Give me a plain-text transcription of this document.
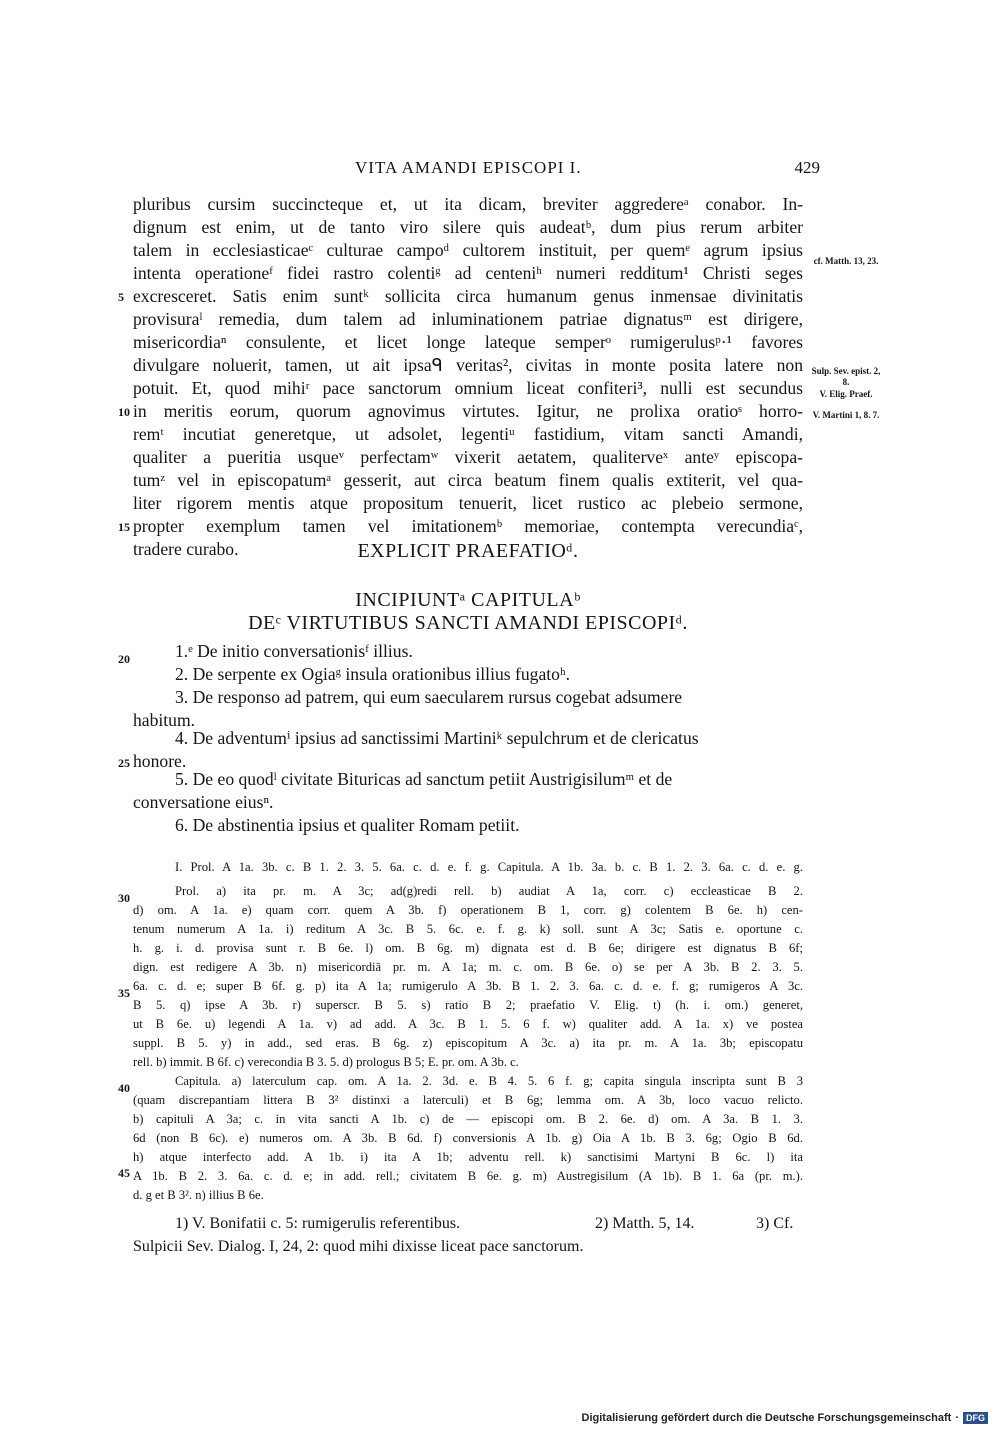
VITA AMANDI EPISCOPI I.	429
pluribus cursim succincteque et, ut ita dicam, breviter aggredereᵃ conabor. In-
dignum est enim, ut de tanto viro silere quis audeatᵇ, dum pius rerum arbiter
talem in ecclesiasticaeᶜ culturae campoᵈ cultorem instituit, per quemᵉ agrum ipsius
intenta operationeᶠ fidei rastro colentiᵍ ad centeniʰ numeri redditum¹ Christi seges
excresceret. Satis enim suntᵏ sollicita circa humanum genus inmensae divinitatis
provisuraˡ remedia, dum talem ad inluminationem patriae dignatusᵐ est dirigere,
misericordiaⁿ consulente, et licet longe lateque semperᵒ rumigerulusᵖ·¹ favores
divulgare noluerit, tamen, ut ait ipsaᑫ veritas², civitas in monte posita latere non
potuit. Et, quod mihiʳ pace sanctorum omnium liceat confiteri³, nulli est secundus
in meritis eorum, quorum agnovimus virtutes. Igitur, ne prolixa oratioˢ horro-
remᵗ incutiat generetque, ut adsolet, legentiᵘ fastidium, vitam sancti Amandi,
qualiter a pueritia usqueᵛ perfectamʷ vixerit aetatem, qualiterveˣ anteʸ episcopa-
tumᶻ vel in episcopatumᵃ gesserit, aut circa beatum finem qualis extiterit, vel qua-
liter rigorem mentis atque propositum tenuerit, licet rustico ac plebeio sermone,
propter exemplum tamen vel imitationemᵇ memoriae, contempta verecundiaᶜ,
tradere curabo.
5
10
15
20
25
30
35
40
45
cf. Matth. 13, 23.
Sulp. Sev. epist. 2, 8.
V. Elig. Praef.
V. Martini 1, 8. 7.
EXPLICIT PRAEFATIOᵈ.
INCIPIUNTᵃ CAPITULAᵇ
DEᶜ VIRTUTIBUS SANCTI AMANDI EPISCOPIᵈ.
1.ᵉ De initio conversationisᶠ illius.
2. De serpente ex Ogiaᵍ insula orationibus illius fugatoʰ.
3. De responso ad patrem, qui eum saecularem rursus cogebat adsumere
habitum.
4. De adventumⁱ ipsius ad sanctissimi Martiniᵏ sepulchrum et de clericatus
honore.
5. De eo quodˡ civitate Bituricas ad sanctum petiit Austrigisilumᵐ et de
conversatione eiusⁿ.
6. De abstinentia ipsius et qualiter Romam petiit.
I. Prol. A 1a. 3b. c. B 1. 2. 3. 5. 6a. c. d. e. f. g. Capitula. A 1b. 3a. b. c. B 1. 2. 3. 6a. c. d. e. g.
Prol. a) ita pr. m. A 3c; ad(g)redi rell. b) audiat A 1a, corr. c) eccleasticae B 2.
d) om. A 1a. e) quam corr. quem A 3b. f) operationem B 1, corr. g) colentem B 6e. h) cen-
tenum numerum A 1a. i) reditum A 3c. B 5. 6c. e. f. g. k) soll. sunt A 3c; Satis e. oportune c.
h. g. i. d. provisa sunt r. B 6e. l) om. B 6g. m) dignata est d. B 6e; dirigere est dignatus B 6f;
dign. est redigere A 3b. n) misericordiā pr. m. A 1a; m. c. om. B 6e. o) se per A 3b. B 2. 3. 5.
6a. c. d. e; super B 6f. g. p) ita A 1a; rumigerulo A 3b. B 1. 2. 3. 6a. c. d. e. f. g; rumigeros A 3c.
B 5. q) ipse A 3b. r) superscr. B 5. s) ratio B 2; praefatio V. Elig. t) (h. i. om.) generet,
ut B 6e. u) legendi A 1a. v) ad add. A 3c. B 1. 5. 6 f. w) qualiter add. A 1a. x) ve postea
suppl. B 5. y) in add., sed eras. B 6g. z) episcopitum A 3c. a) ita pr. m. A 1a. 3b; episcopatu
rell. b) immit. B 6f. c) verecondia B 3. 5. d) prologus B 5; E. pr. om. A 3b. c.
Capitula. a) laterculum cap. om. A 1a. 2. 3d. e. B 4. 5. 6 f. g; capita singula inscripta sunt B 3
(quam discrepantiam littera B 3² distinxi a laterculi) et B 6g; lemma om. A 3b, loco vacuo relicto.
b) capituli A 3a; c. in vita sancti A 1b. c) de — episcopi om. B 2. 6e. d) om. A 3a. B 1. 3.
6d (non B 6c). e) numeros om. A 3b. B 6d. f) conversionis A 1b. g) Oia A 1b. B 3. 6g; Ogio B 6d.
h) atque interfecto add. A 1b. i) ita A 1b; adventu rell. k) sanctisimi Martyni B 6c. l) ita
A 1b. B 2. 3. 6a. c. d. e; in add. rell.; civitatem B 6e. g. m) Austregisilum (A 1b). B 1. 6a (pr. m.).
d. g et B 3². n) illius B 6e.
1) V. Bonifatii c. 5: rumigerulis referentibus.	2) Matth. 5, 14.	3) Cf.
Sulpicii Sev. Dialog. I, 24, 2: quod mihi dixisse liceat pace sanctorum.
Digitalisierung gefördert durch die Deutsche Forschungsgemeinschaft · DFG
